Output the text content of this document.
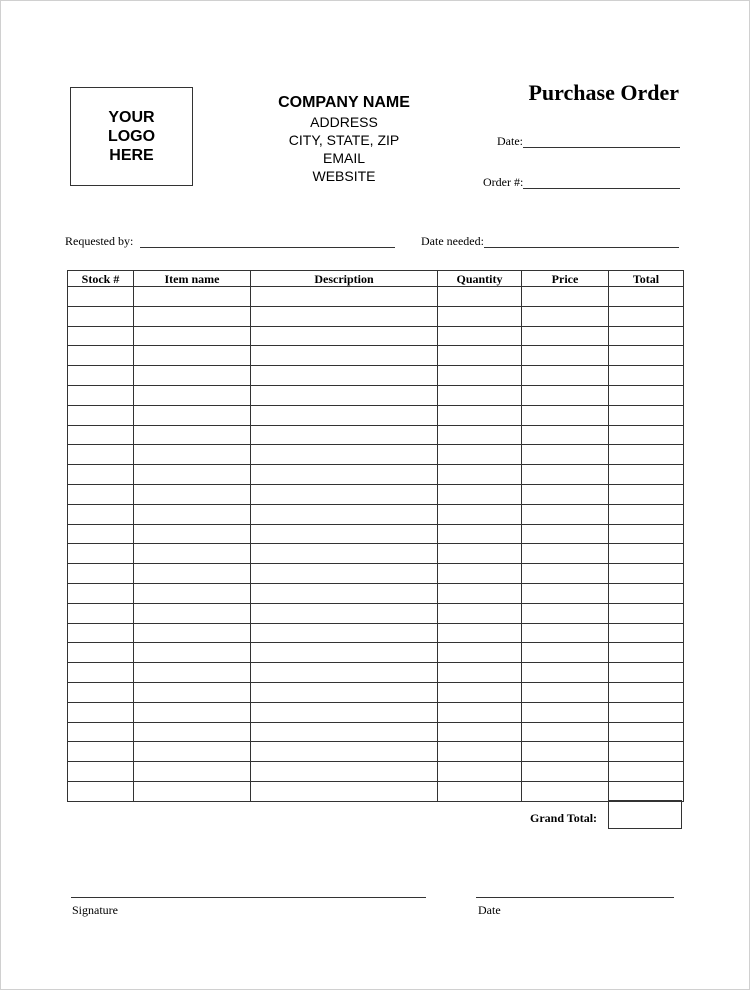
YOUR
LOGO
HERE
COMPANY NAME
ADDRESS
CITY, STATE, ZIP
EMAIL
WEBSITE
Purchase Order
Date:
Order #:
Requested by:	Date needed:
Stock #	Item name	Description	Quantity	Price	Total

Grand Total:
Signature	Date
